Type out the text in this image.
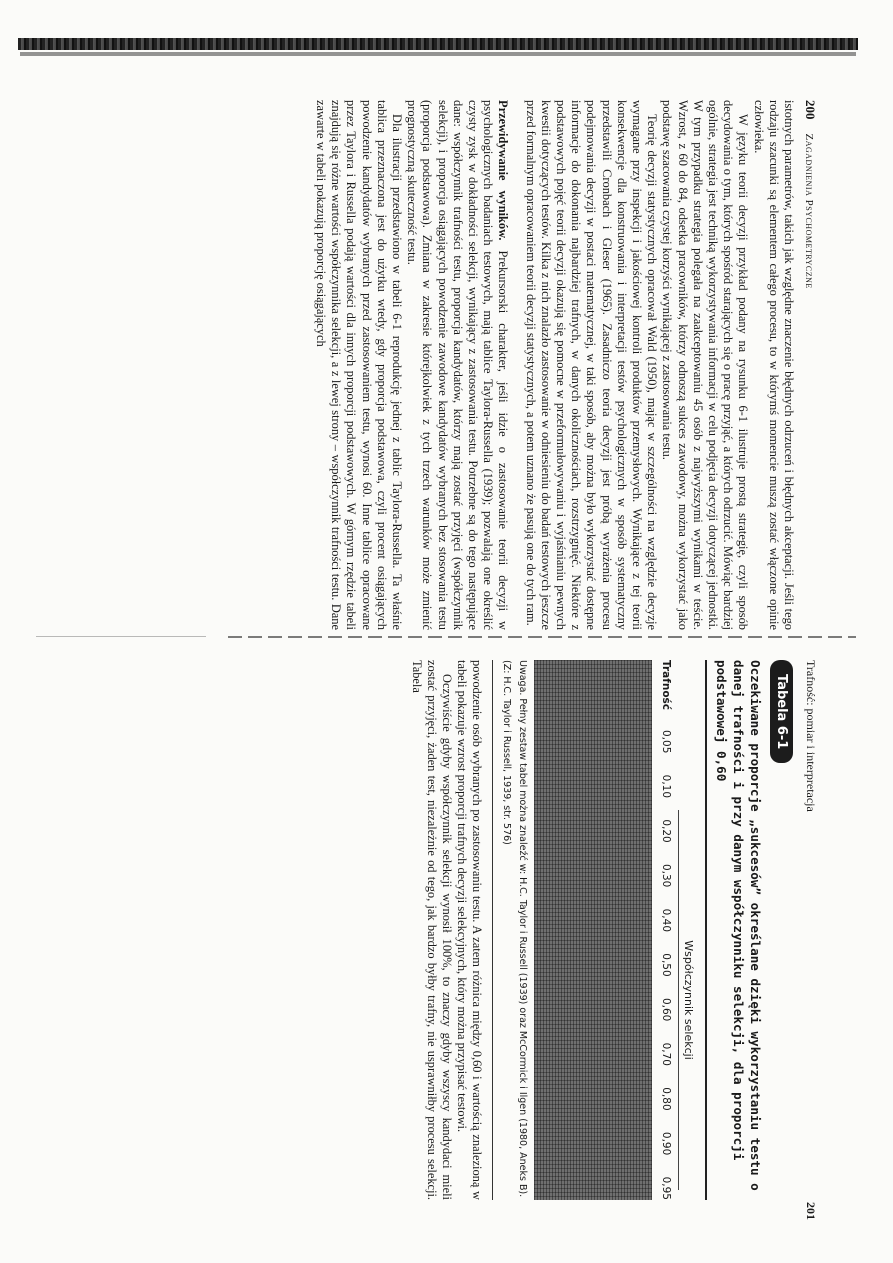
200
Zagadnienia Psychometryczne

istotnych parametrów, takich jak względne znaczenie błędnych odrzuceń i błędnych akceptacji. Jeśli tego rodzaju szacunki są elementem całego procesu, to w którymś momencie muszą zostać włączone opinie człowieka.

W języku teorii decyzji przykład podany na rysunku 6-1 ilustruje prostą strategię, czyli sposób decydowania o tym, których spośród starających się o pracę przyjąć, a których odrzucić. Mówiąc bardziej ogólnie, strategia jest techniką wykorzystywania informacji w celu podjęcia decyzji dotyczącej jednostki. W tym przypadku strategia polegała na zaakceptowaniu 45 osób z najwyższymi wynikami w teście. Wzrost, z 60 do 84, odsetka pracowników, którzy odnoszą sukces zawodowy, można wykorzystać jako podstawę szacowania czystej korzyści wynikającej z zastosowania testu.

Teorię decyzji statystycznych opracował Wald (1950), mając w szczególności na względzie decyzje wymagane przy inspekcji i jakościowej kontroli produktów przemysłowych. Wynikające z tej teorii konsekwencje dla konstruowania i interpretacji testów psychologicznych w sposób systematyczny przedstawili Cronbach i Gleser (1965). Zasadniczo teoria decyzji jest próbą wyrażenia procesu podejmowania decyzji w postaci matematycznej, w taki sposób, aby można było wykorzystać dostępne informacje do dokonania najbardziej trafnych, w danych okolicznościach, rozstrzygnięć. Niektóre z podstawowych pojęć teorii decyzji okazują się pomocne w przeformułowywaniu i wyjaśnianiu pewnych kwestii dotyczących testów. Kilka z nich znalazło zastosowanie w odniesieniu do badań testowych jeszcze przed formalnym opracowaniem teorii decyzji statystycznych, a potem uznano że pasują one do tych ram.

Przewidywanie wyników. Prekursorski charakter, jeśli idzie o zastosowanie teorii decyzji w psychologicznych badaniach testowych, mają tablice Taylora-Russella (1939); pozwalają one określić czysty zysk w dokładności selekcji, wynikający z zastosowania testu. Potrzebne są do tego następujące dane: współczynnik trafności testu, proporcja kandydatów, którzy mają zostać przyjęci (współczynnik selekcji), i proporcja osiągających powodzenie zawodowe kandydatów wybranych bez stosowania testu (proporcja podstawowa). Zmiana w zakresie którejkolwiek z tych trzech warunków może zmienić prognostyczną skuteczność testu.

Dla ilustracji przedstawiono w tabeli 6-1 reprodukcję jednej z tablic Taylora-Russella. Ta właśnie tablica przeznaczona jest do użytku wtedy, gdy proporcja podstawowa, czyli procent osiągających powodzenie kandydatów wybranych przed zastosowaniem testu, wynosi 60. Inne tablice opracowane przez Taylora i Russella podają wartości dla innych proporcji podstawowych. W górnym rzędzie tabeli znajdują się różne wartości współczynnika selekcji, a z lewej strony – współczynnik trafności testu. Dane zawarte w tabeli pokazują proporcję osiągających

Trafność: pomiar i interpretacja
201
Tabela 6-1
Oczekiwane proporcje „sukcesów” określane dzięki wykorzystaniu testu o danej trafności i przy danym współczynniku selekcji, dla proporcji podstawowej 0,60
Współczynnik selekcji
Trafność
0,05
0,10
0,20
0,30
0,40
0,50
0,60
0,70
0,80
0,90
0,95
Uwaga. Pełny zestaw tabel można znaleźć w: H.C. Taylor i Russell (1939) oraz McCormick i Ilgen (1980, Aneks B).
(Z: H.C. Taylor i Russell, 1939, str. 576)

powodzenie osób wybranych po zastosowaniu testu. A zatem różnica między 0,60 i wartością znalezioną w tabeli pokazuje wzrost proporcji trafnych decyzji selekcyjnych, który można przypisać testowi.

Oczywiście gdyby współczynnik selekcji wynosił 100%, to znaczy gdyby wszyscy kandydaci mieli zostać przyjęci, żaden test, niezależnie od tego, jak bardzo byłby trafny, nie usprawniłby procesu selekcji. Tabela
